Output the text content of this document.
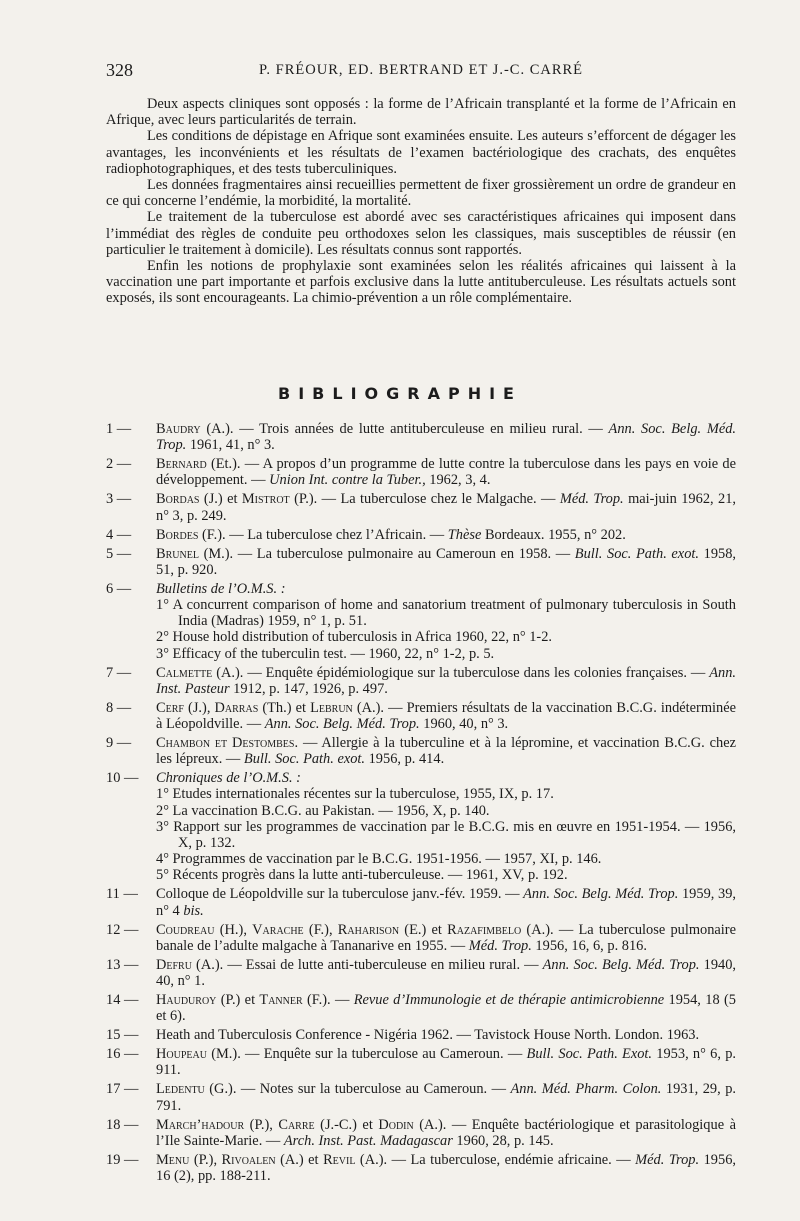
328	P. FRÉOUR, ED. BERTRAND ET J.-C. CARRÉ

Deux aspects cliniques sont opposés : la forme de l’Africain transplanté et la forme de l’Africain en Afrique, avec leurs particularités de terrain.

Les conditions de dépistage en Afrique sont examinées ensuite. Les auteurs s’efforcent de dégager les avantages, les inconvénients et les résultats de l’examen bactériologique des crachats, des enquêtes radiophotographiques, et des tests tuberculiniques.

Les données fragmentaires ainsi recueillies permettent de fixer grossièrement un ordre de grandeur en ce qui concerne l’endémie, la morbidité, la mortalité.

Le traitement de la tuberculose est abordé avec ses caractéristiques africaines qui imposent dans l’immédiat des règles de conduite peu orthodoxes selon les classiques, mais susceptibles de réussir (en particulier le traitement à domicile). Les résultats connus sont rapportés.

Enfin les notions de prophylaxie sont examinées selon les réalités africaines qui laissent à la vaccination une part importante et parfois exclusive dans la lutte antituberculeuse. Les résultats actuels sont exposés, ils sont encourageants. La chimio-prévention a un rôle complémentaire.

BIBLIOGRAPHIE
1 —	Baudry (A.). — Trois années de lutte antituberculeuse en milieu rural. — Ann. Soc. Belg. Méd. Trop. 1961, 41, n° 3.
2 —	Bernard (Et.). — A propos d’un programme de lutte contre la tuberculose dans les pays en voie de développement. — Union Int. contre la Tuber., 1962, 3, 4.
3 —	Bordas (J.) et Mistrot (P.). — La tuberculose chez le Malgache. — Méd. Trop. mai-juin 1962, 21, n° 3, p. 249.
4 —	Bordes (F.). — La tuberculose chez l’Africain. — Thèse Bordeaux. 1955, n° 202.
5 —	Brunel (M.). — La tuberculose pulmonaire au Cameroun en 1958. — Bull. Soc. Path. exot. 1958, 51, p. 920.
6 —	Bulletins de l’O.M.S. :
1° A concurrent comparison of home and sanatorium treatment of pulmonary tuberculosis in South India (Madras) 1959, n° 1, p. 51.
2° House hold distribution of tuberculosis in Africa 1960, 22, n° 1-2.
3° Efficacy of the tuberculin test. — 1960, 22, n° 1-2, p. 5.
7 —	Calmette (A.). — Enquête épidémiologique sur la tuberculose dans les colonies françaises. — Ann. Inst. Pasteur 1912, p. 147, 1926, p. 497.
8 —	Cerf (J.), Darras (Th.) et Lebrun (A.). — Premiers résultats de la vaccination B.C.G. indéterminée à Léopoldville. — Ann. Soc. Belg. Méd. Trop. 1960, 40, n° 3.
9 —	Chambon et Destombes. — Allergie à la tuberculine et à la lépromine, et vaccination B.C.G. chez les lépreux. — Bull. Soc. Path. exot. 1956, p. 414.
10 —	Chroniques de l’O.M.S. :
1° Etudes internationales récentes sur la tuberculose, 1955, IX, p. 17.
2° La vaccination B.C.G. au Pakistan. — 1956, X, p. 140.
3° Rapport sur les programmes de vaccination par le B.C.G. mis en œuvre en 1951-1954. — 1956, X, p. 132.
4° Programmes de vaccination par le B.C.G. 1951-1956. — 1957, XI, p. 146.
5° Récents progrès dans la lutte anti-tuberculeuse. — 1961, XV, p. 192.
11 —	Colloque de Léopoldville sur la tuberculose janv.-fév. 1959. — Ann. Soc. Belg. Méd. Trop. 1959, 39, n° 4 bis.
12 —	Coudreau (H.), Varache (F.), Raharison (E.) et Razafimbelo (A.). — La tuberculose pulmonaire banale de l’adulte malgache à Tananarive en 1955. — Méd. Trop. 1956, 16, 6, p. 816.
13 —	Defru (A.). — Essai de lutte anti-tuberculeuse en milieu rural. — Ann. Soc. Belg. Méd. Trop. 1940, 40, n° 1.
14 —	Hauduroy (P.) et Tanner (F.). — Revue d’Immunologie et de thérapie antimicrobienne 1954, 18 (5 et 6).
15 —	Heath and Tuberculosis Conference - Nigéria 1962. — Tavistock House North. London. 1963.
16 —	Houpeau (M.). — Enquête sur la tuberculose au Cameroun. — Bull. Soc. Path. Exot. 1953, n° 6, p. 911.
17 —	Ledentu (G.). — Notes sur la tuberculose au Cameroun. — Ann. Méd. Pharm. Colon. 1931, 29, p. 791.
18 —	March’hadour (P.), Carre (J.-C.) et Dodin (A.). — Enquête bactériologique et parasitologique à l’Ile Sainte-Marie. — Arch. Inst. Past. Madagascar 1960, 28, p. 145.
19 —	Menu (P.), Rivoalen (A.) et Revil (A.). — La tuberculose, endémie africaine. — Méd. Trop. 1956, 16 (2), pp. 188-211.
